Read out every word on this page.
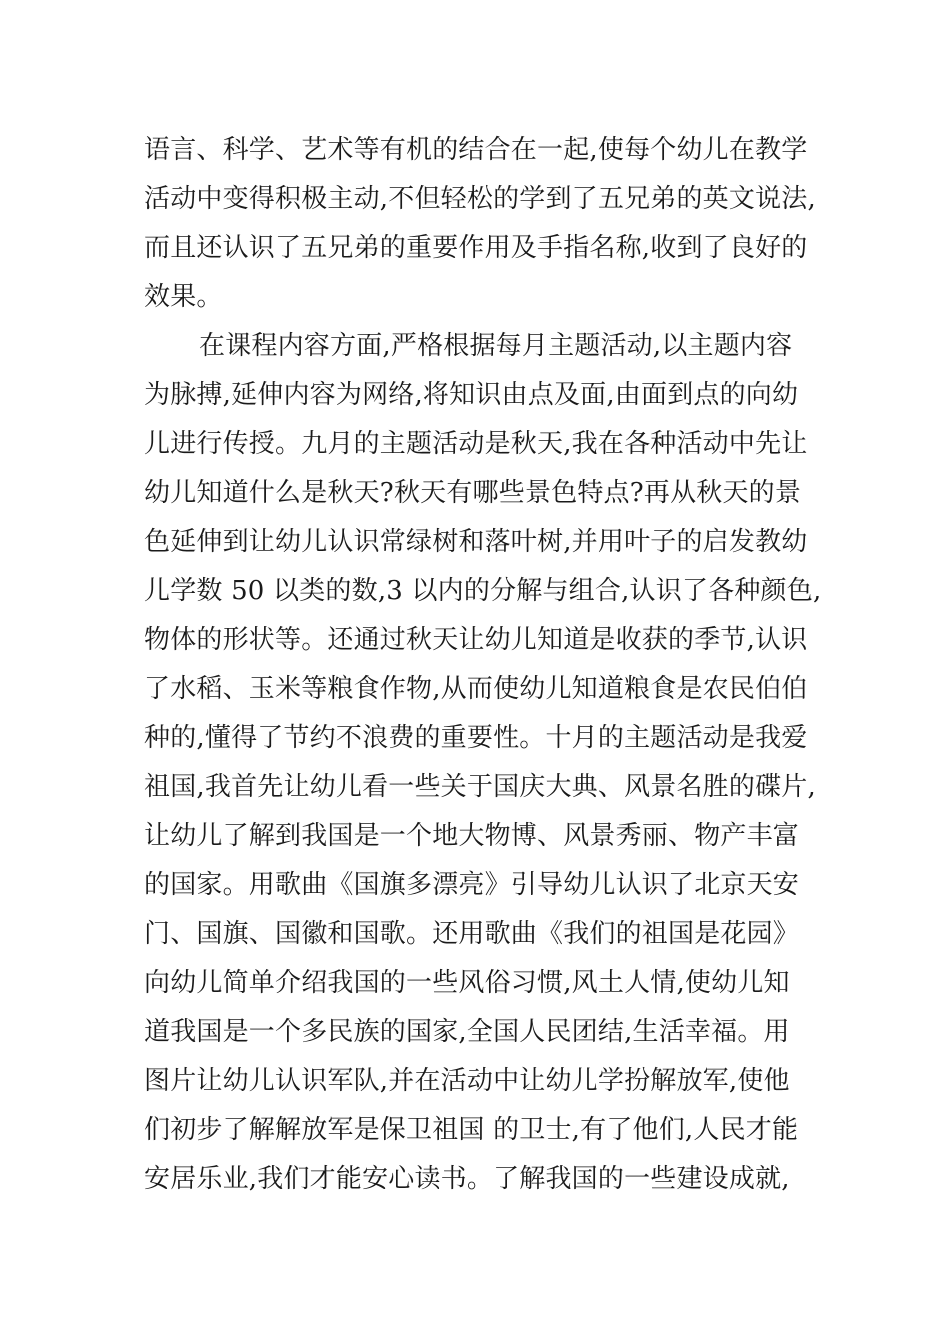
语言、科学、艺术等有机的结合在一起,使每个幼儿在教学
活动中变得积极主动,不但轻松的学到了五兄弟的英文说法,
而且还认识了五兄弟的重要作用及手指名称,收到了良好的
效果。
在课程内容方面,严格根据每月主题活动,以主题内容
为脉搏,延伸内容为网络,将知识由点及面,由面到点的向幼
儿进行传授。九月的主题活动是秋天,我在各种活动中先让
幼儿知道什么是秋天?秋天有哪些景色特点?再从秋天的景
色延伸到让幼儿认识常绿树和落叶树,并用叶子的启发教幼
儿学数 50 以类的数,3 以内的分解与组合,认识了各种颜色,
物体的形状等。还通过秋天让幼儿知道是收获的季节,认识
了水稻、玉米等粮食作物,从而使幼儿知道粮食是农民伯伯
种的,懂得了节约不浪费的重要性。十月的主题活动是我爱
祖国,我首先让幼儿看一些关于国庆大典、风景名胜的碟片,
让幼儿了解到我国是一个地大物博、风景秀丽、物产丰富
的国家。用歌曲《国旗多漂亮》引导幼儿认识了北京天安
门、国旗、国徽和国歌。还用歌曲《我们的祖国是花园》
向幼儿简单介绍我国的一些风俗习惯,风土人情,使幼儿知
道我国是一个多民族的国家,全国人民团结,生活幸福。用
图片让幼儿认识军队,并在活动中让幼儿学扮解放军,使他
们初步了解解放军是保卫祖国 的卫士,有了他们,人民才能
安居乐业,我们才能安心读书。了解我国的一些建设成就,
